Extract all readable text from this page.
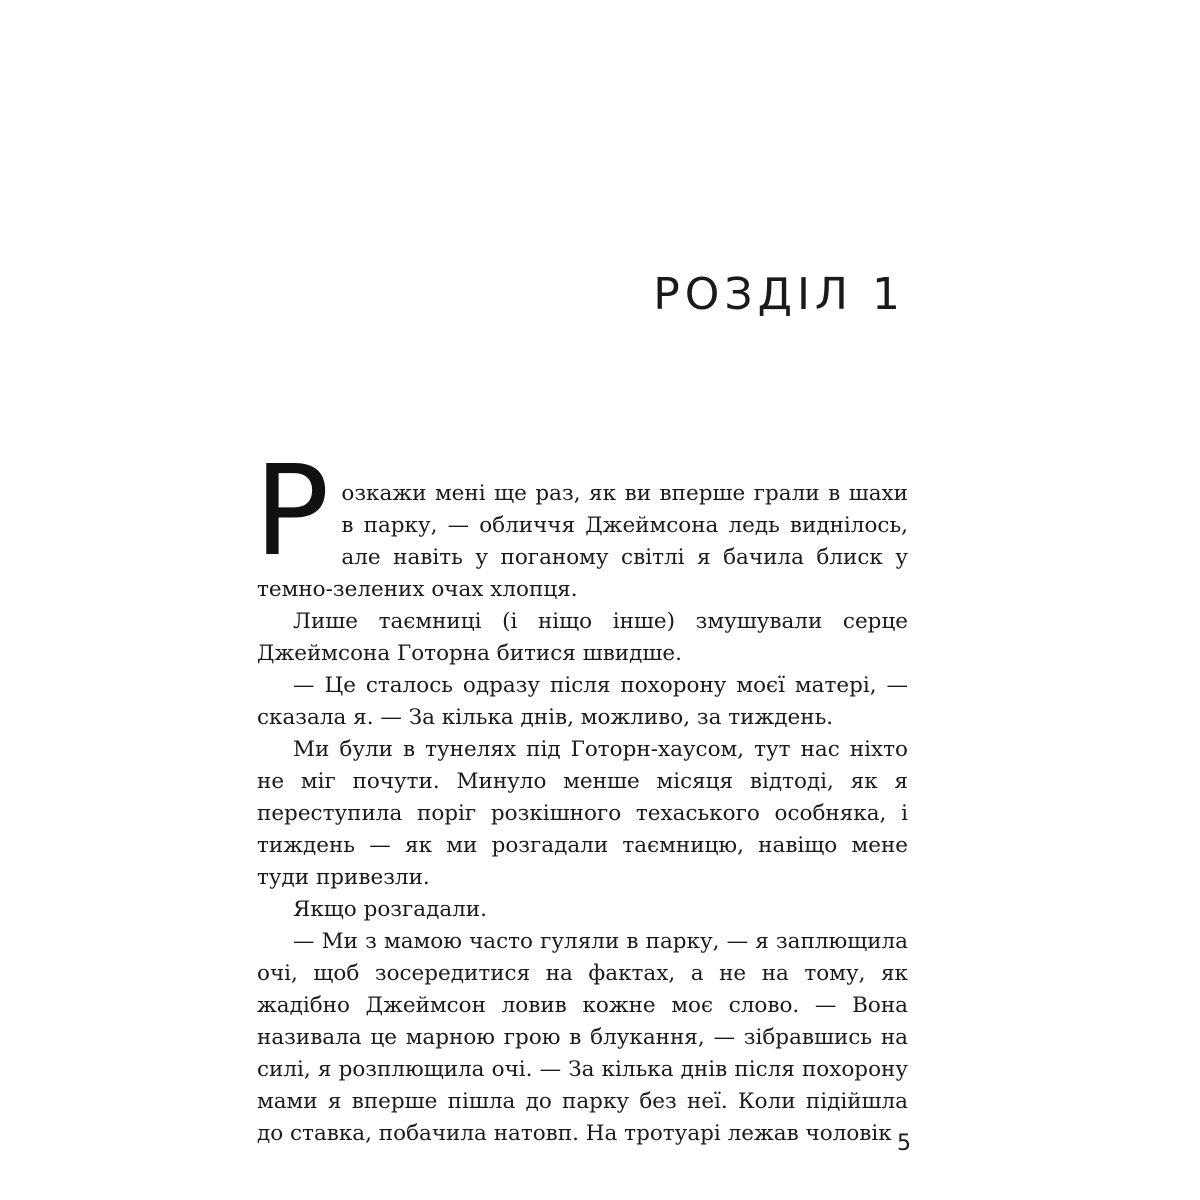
РОЗДІЛ 1

Розкажи мені ще раз, як ви вперше грали в шахи в парку, — обличчя Джеймсона ледь виднілось, але навіть у поганому світлі я бачила блиск у темно-зелених очах хлопця.

Лише таємниці (і ніщо інше) змушували серце Джеймсона Готорна битися швидше.

— Це сталось одразу після похорону моєї матері, — сказала я. — За кілька днів, можливо, за тиждень.

Ми були в тунелях під Готорн-хаусом, тут нас ніхто не міг почути. Минуло менше місяця відтоді, як я переступила поріг розкішного техаського особняка, і тиждень — як ми розгадали таємницю, навіщо мене туди привезли.

Якщо розгадали.

— Ми з мамою часто гуляли в парку, — я заплющила очі, щоб зосередитися на фактах, а не на тому, як жадібно Джеймсон ловив кожне моє слово. — Вона називала це марною грою в блукання, — зібравшись на силі, я розплющила очі. — За кілька днів після похорону мами я вперше пішла до парку без неї. Коли підійшла до ставка, побачила натовп. На тротуарі лежав чоловік 5
